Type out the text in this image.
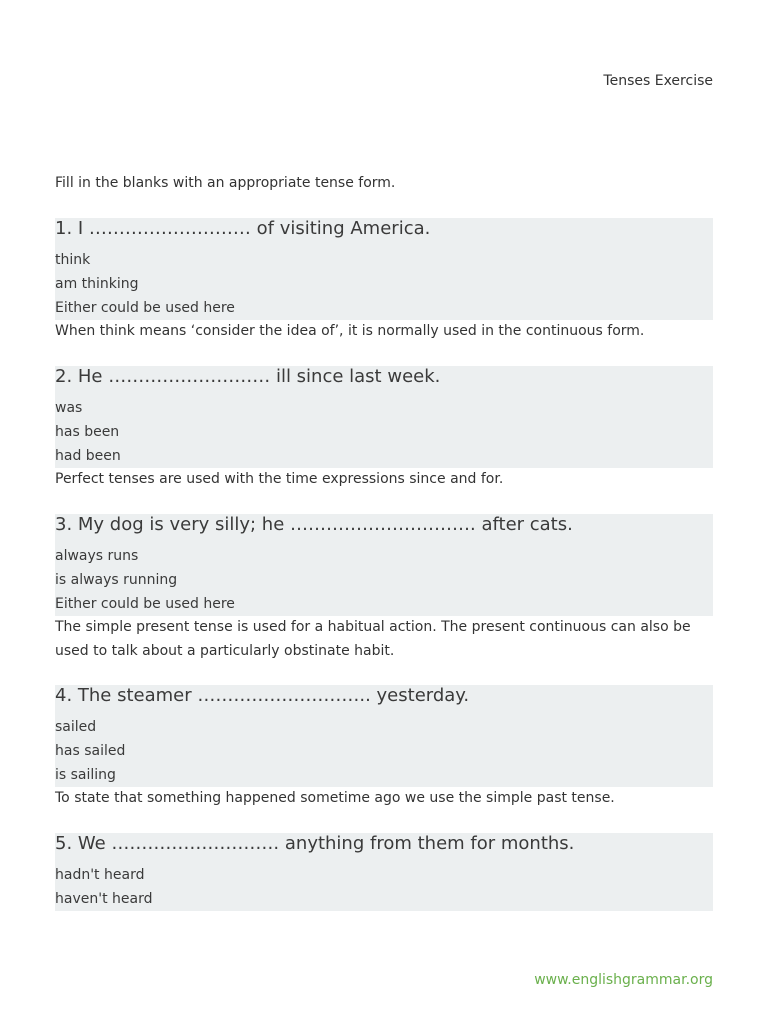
Tenses Exercise
Fill in the blanks with an appropriate tense form.
1. I ……………………… of visiting America.
think
am thinking
Either could be used here
When think means ‘consider the idea of’, it is normally used in the continuous form.
2. He ……………………… ill since last week.
was
has been
had been
Perfect tenses are used with the time expressions since and for.
3. My dog is very silly; he …………………………. after cats.
always runs
is always running
Either could be used here
The simple present tense is used for a habitual action. The present continuous can also be used to talk about a particularly obstinate habit.
4. The steamer ……………………….. yesterday.
sailed
has sailed
is sailing
To state that something happened sometime ago we use the simple past tense.
5. We ………………………. anything from them for months.
hadn't heard
haven't heard
www.englishgrammar.org
